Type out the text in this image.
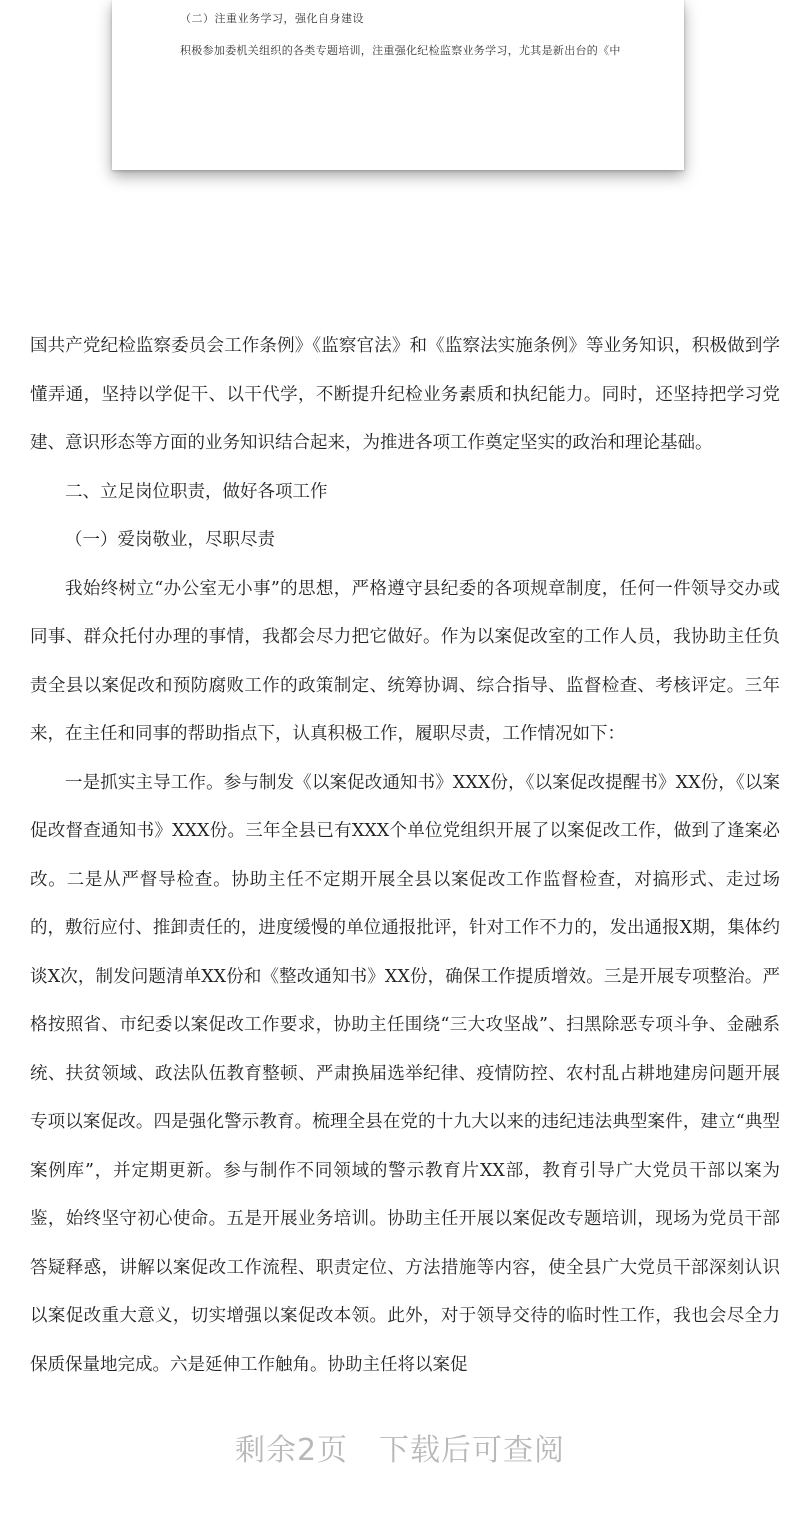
（二）注重业务学习，强化自身建设
积极参加委机关组织的各类专题培训，注重强化纪检监察业务学习，尤其是新出台的《中

国共产党纪检监察委员会工作条例》《监察官法》和《监察法实施条例》等业务知识，积极做到学懂弄通，坚持以学促干、以干代学，不断提升纪检业务素质和执纪能力。同时，还坚持把学习党建、意识形态等方面的业务知识结合起来，为推进各项工作奠定坚实的政治和理论基础。

二、立足岗位职责，做好各项工作

（一）爱岗敬业，尽职尽责

我始终树立“办公室无小事”的思想，严格遵守县纪委的各项规章制度，任何一件领导交办或同事、群众托付办理的事情，我都会尽力把它做好。作为以案促改室的工作人员，我协助主任负责全县以案促改和预防腐败工作的政策制定、统筹协调、综合指导、监督检查、考核评定。三年来，在主任和同事的帮助指点下，认真积极工作，履职尽责，工作情况如下：

一是抓实主导工作。参与制发《以案促改通知书》XXX份，《以案促改提醒书》XX份，《以案促改督查通知书》XXX份。三年全县已有XXX个单位党组织开展了以案促改工作，做到了逢案必改。二是从严督导检查。协助主任不定期开展全县以案促改工作监督检查，对搞形式、走过场的，敷衍应付、推卸责任的，进度缓慢的单位通报批评，针对工作不力的，发出通报X期，集体约谈X次，制发问题清单XX份和《整改通知书》XX份，确保工作提质增效。三是开展专项整治。严格按照省、市纪委以案促改工作要求，协助主任围绕“三大攻坚战”、扫黑除恶专项斗争、金融系统、扶贫领域、政法队伍教育整顿、严肃换届选举纪律、疫情防控、农村乱占耕地建房问题开展专项以案促改。四是强化警示教育。梳理全县在党的十九大以来的违纪违法典型案件，建立“典型案例库”，并定期更新。参与制作不同领域的警示教育片XX部，教育引导广大党员干部以案为鉴，始终坚守初心使命。五是开展业务培训。协助主任开展以案促改专题培训，现场为党员干部答疑释惑，讲解以案促改工作流程、职责定位、方法措施等内容，使全县广大党员干部深刻认识以案促改重大意义，切实增强以案促改本领。此外，对于领导交待的临时性工作，我也会尽全力保质保量地完成。六是延伸工作触角。协助主任将以案促

剩余2页　下载后可查阅
